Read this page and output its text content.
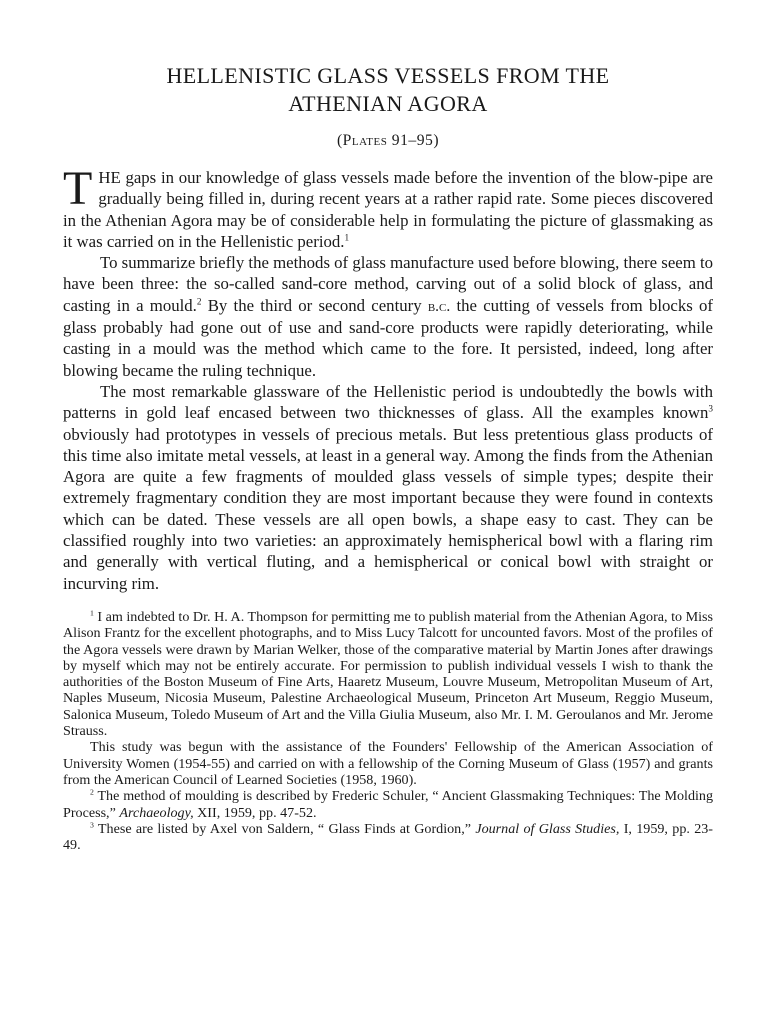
HELLENISTIC GLASS VESSELS FROM THE
ATHENIAN AGORA
(Plates 91–95)

THE gaps in our knowledge of glass vessels made before the invention of the blow-pipe are gradually being filled in, during recent years at a rather rapid rate. Some pieces discovered in the Athenian Agora may be of considerable help in formulating the picture of glassmaking as it was carried on in the Hellenistic period.$^1$

To summarize briefly the methods of glass manufacture used before blowing, there seem to have been three: the so-called sand-core method, carving out of a solid block of glass, and casting in a mould.$^2$ By the third or second century b.c. the cutting of vessels from blocks of glass probably had gone out of use and sand-core products were rapidly deteriorating, while casting in a mould was the method which came to the fore. It persisted, indeed, long after blowing became the ruling technique.

The most remarkable glassware of the Hellenistic period is undoubtedly the bowls with patterns in gold leaf encased between two thicknesses of glass. All the examples known$^3$ obviously had prototypes in vessels of precious metals. But less pretentious glass products of this time also imitate metal vessels, at least in a general way. Among the finds from the Athenian Agora are quite a few fragments of moulded glass vessels of simple types; despite their extremely fragmentary condition they are most important because they were found in contexts which can be dated. These vessels are all open bowls, a shape easy to cast. They can be classified roughly into two varieties: an approximately hemispherical bowl with a flaring rim and generally with vertical fluting, and a hemispherical or conical bowl with straight or incurving rim.

$^1$ I am indebted to Dr. H. A. Thompson for permitting me to publish material from the Athenian Agora, to Miss Alison Frantz for the excellent photographs, and to Miss Lucy Talcott for uncounted favors. Most of the profiles of the Agora vessels were drawn by Marian Welker, those of the comparative material by Martin Jones after drawings by myself which may not be entirely accurate. For permission to publish individual vessels I wish to thank the authorities of the Boston Museum of Fine Arts, Haaretz Museum, Louvre Museum, Metropolitan Museum of Art, Naples Museum, Nicosia Museum, Palestine Archaeological Museum, Princeton Art Museum, Reggio Museum, Salonica Museum, Toledo Museum of Art and the Villa Giulia Museum, also Mr. I. M. Geroulanos and Mr. Jerome Strauss.

This study was begun with the assistance of the Founders' Fellowship of the American Association of University Women (1954-55) and carried on with a fellowship of the Corning Museum of Glass (1957) and grants from the American Council of Learned Societies (1958, 1960).

$^2$ The method of moulding is described by Frederic Schuler, “ Ancient Glassmaking Techniques: The Molding Process,” Archaeology, XII, 1959, pp. 47-52.

$^3$ These are listed by Axel von Saldern, “ Glass Finds at Gordion,” Journal of Glass Studies, I, 1959, pp. 23-49.
